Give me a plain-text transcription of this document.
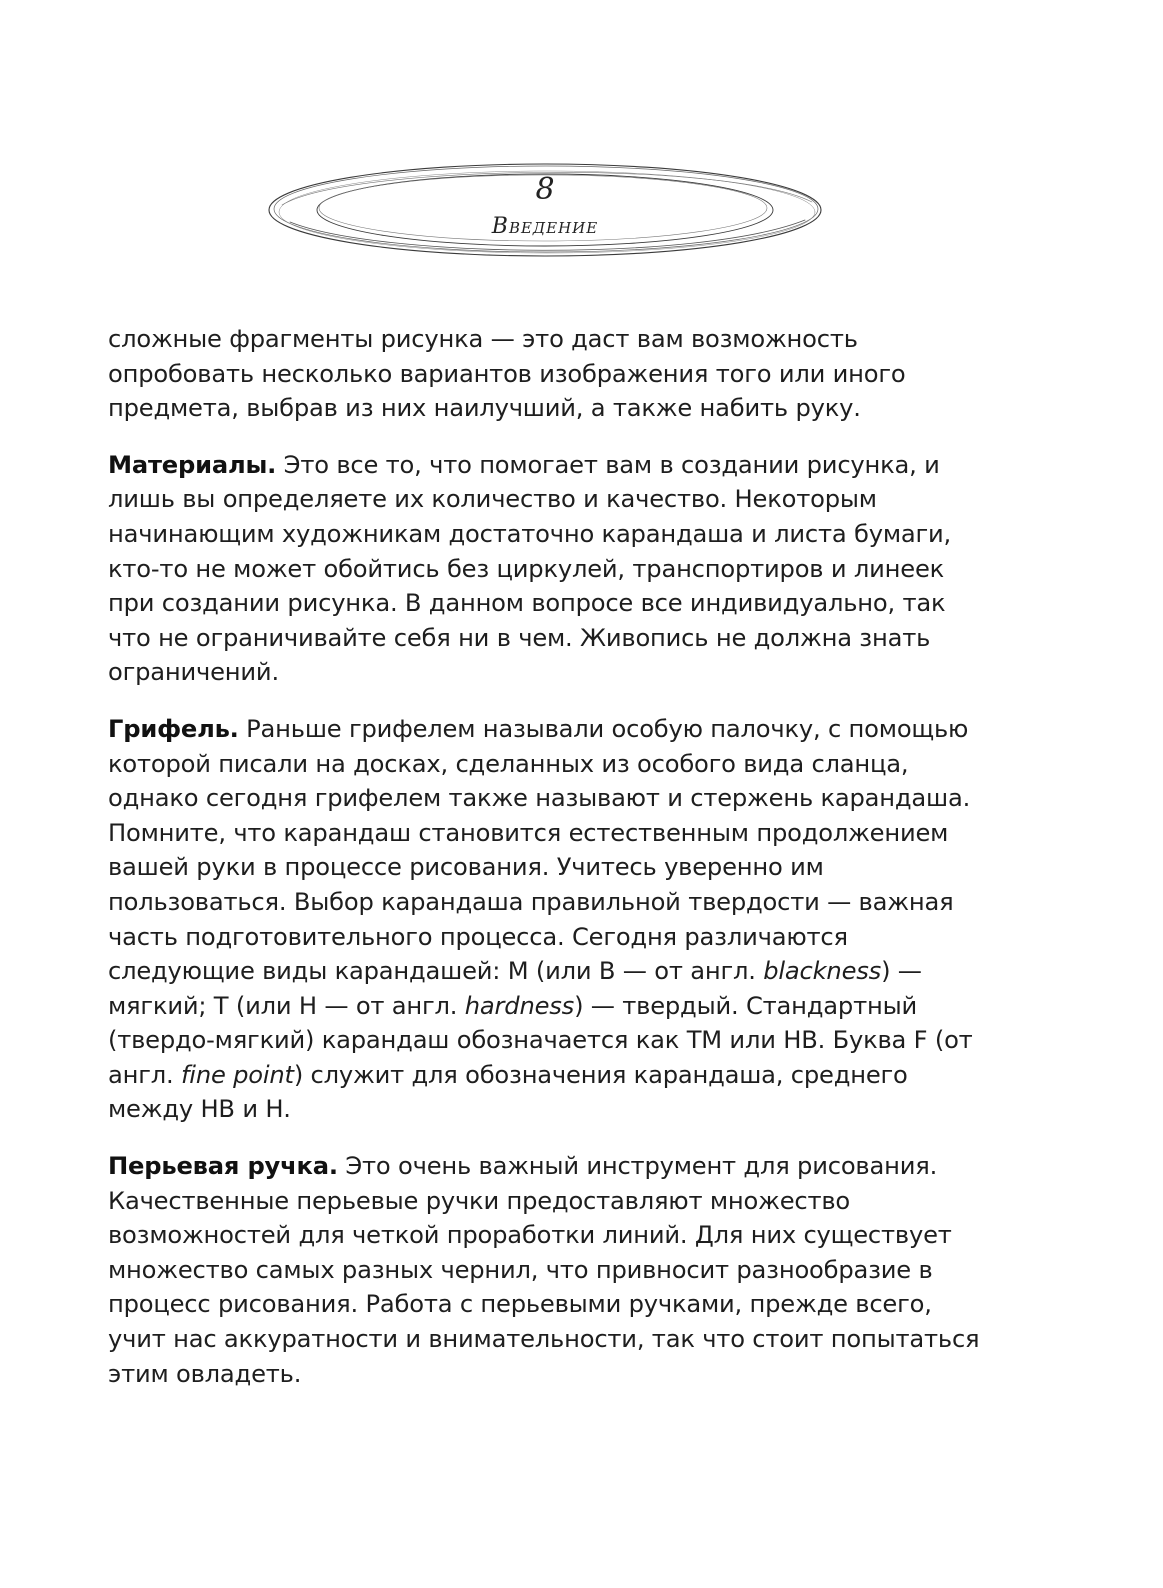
8
Введение

сложные фрагменты рисунка — это даст вам возможность опробовать несколько вариантов изображения того или иного предмета, выбрав из них наилучший, а также набить руку.

Материалы. Это все то, что помогает вам в создании рисунка, и лишь вы определяете их количество и качество. Некоторым начинающим художникам достаточно карандаша и листа бумаги, кто-то не может обойтись без циркулей, транспортиров и линеек при создании рисунка. В данном вопросе все индивидуально, так что не ограничивайте себя ни в чем. Живопись не должна знать ограничений.

Грифель. Раньше грифелем называли особую палочку, с помощью которой писали на досках, сделанных из особого вида сланца, однако сегодня грифелем также называют и стержень карандаша. Помните, что карандаш становится естественным продолжением вашей руки в процессе рисования. Учитесь уверенно им пользоваться. Выбор карандаша правильной твердости — важная часть подготовительного процесса. Сегодня различаются следующие виды карандашей: М (или В — от англ. blackness) — мягкий; Т (или Н — от англ. hardness) — твердый. Стандартный (твердо-мягкий) карандаш обозначается как ТМ или НВ. Буква F (от англ. fine point) служит для обозначения карандаша, среднего между НВ и Н.

Перьевая ручка. Это очень важный инструмент для рисования. Качественные перьевые ручки предоставляют множество возможностей для четкой проработки линий. Для них существует множество самых разных чернил, что привносит разнообразие в процесс рисования. Работа с перьевыми ручками, прежде всего, учит нас аккуратности и внимательности, так что стоит попытаться этим овладеть.
